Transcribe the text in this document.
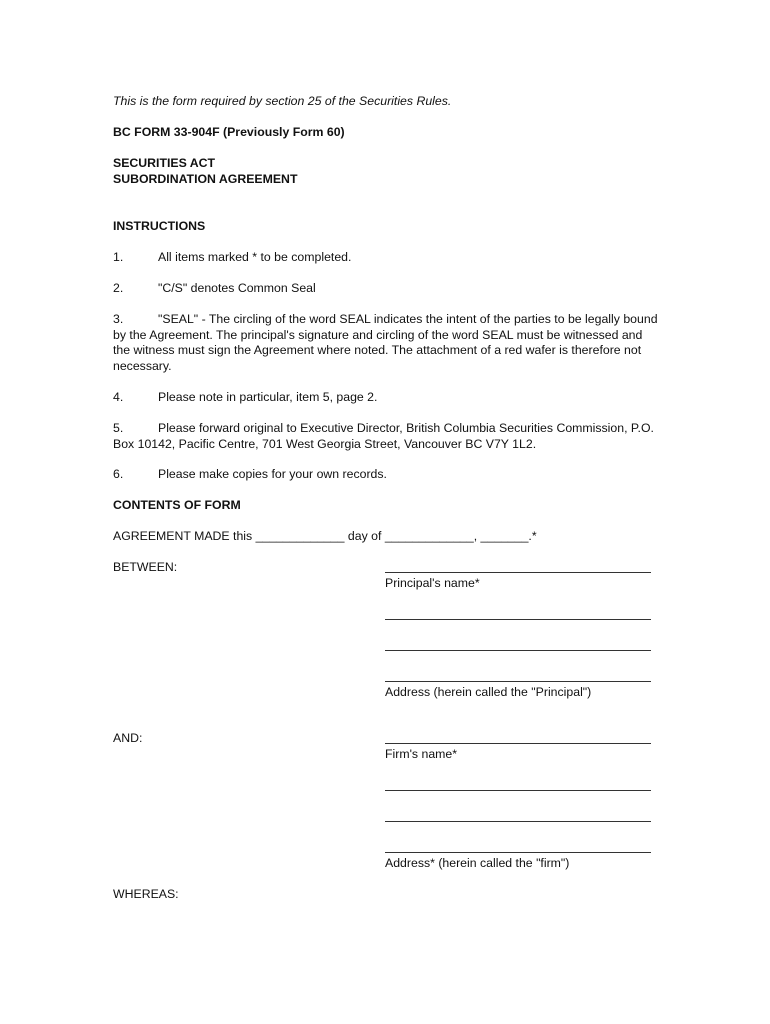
This is the form required by section 25 of the Securities Rules.
BC FORM 33-904F (Previously Form 60)
SECURITIES ACT
SUBORDINATION AGREEMENT
INSTRUCTIONS
1.	All items marked * to be completed.
2.	"C/S" denotes Common Seal
3.	"SEAL" - The circling of the word SEAL indicates the intent of the parties to be legally bound by the Agreement. The principal's signature and circling of the word SEAL must be witnessed and the witness must sign the Agreement where noted. The attachment of a red wafer is therefore not necessary.
4.	Please note in particular, item 5, page 2.
5.	Please forward original to Executive Director, British Columbia Securities Commission, P.O. Box 10142, Pacific Centre, 701 West Georgia Street, Vancouver BC V7Y 1L2.
6.	Please make copies for your own records.
CONTENTS OF FORM
AGREEMENT MADE this _____________ day of _____________, _______.*
BETWEEN:
Principal's name*
Address (herein called the "Principal")
AND:
Firm's name*
Address* (herein called the "firm")
WHEREAS:
